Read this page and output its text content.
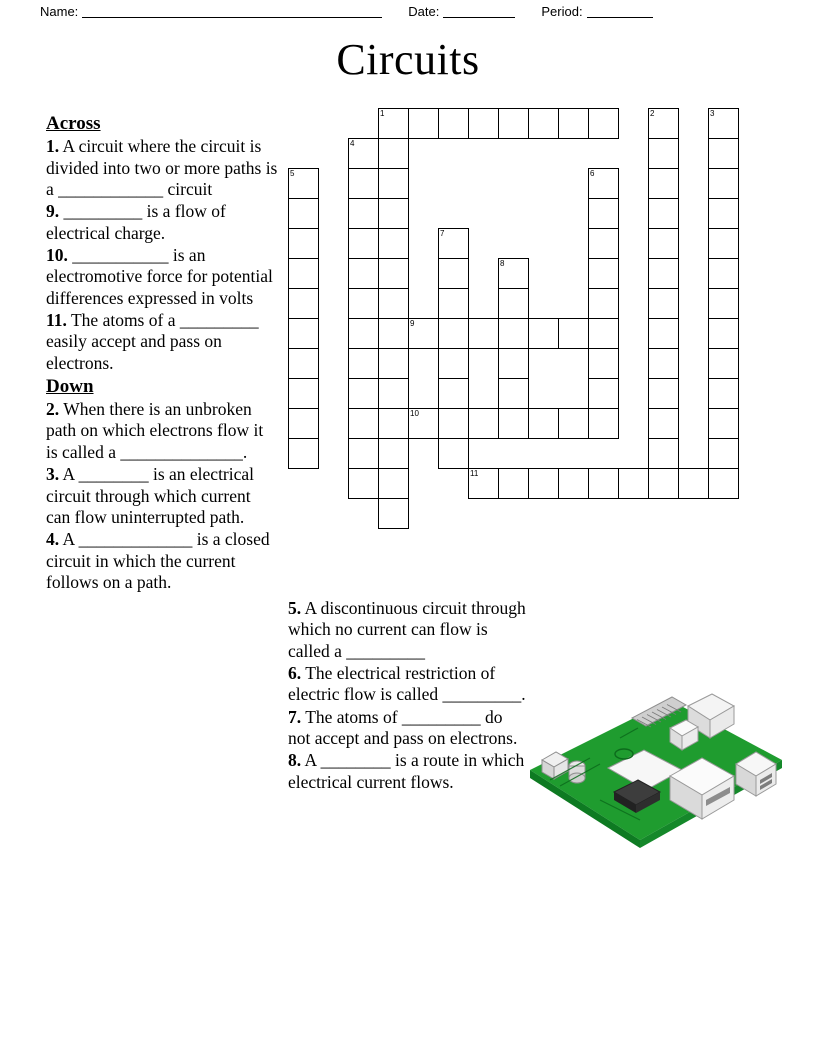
Name:	Date:	Period:
Circuits
Across

1. A circuit where the circuit is divided into two or more paths is a ____________ circuit

9. _________ is a flow of electrical charge.

10. ___________ is an electromotive force for potential differences expressed in volts

11. The atoms of a _________ easily accept and pass on electrons.

Down

2. When there is an unbroken path on which electrons flow it is called a ______________.

3. A ________ is an electrical circuit through which current can flow uninterrupted path.

4. A _____________ is a closed circuit in which the current follows on a path.

5. A discontinuous circuit through which no current can flow is called a _________

6. The electrical restriction of electric flow is called _________.

7. The atoms of _________ do not accept and pass on electrons.

8. A ________ is a route in which electrical current flows.

1	2	3
4
5	6
7
8
9
10
11
